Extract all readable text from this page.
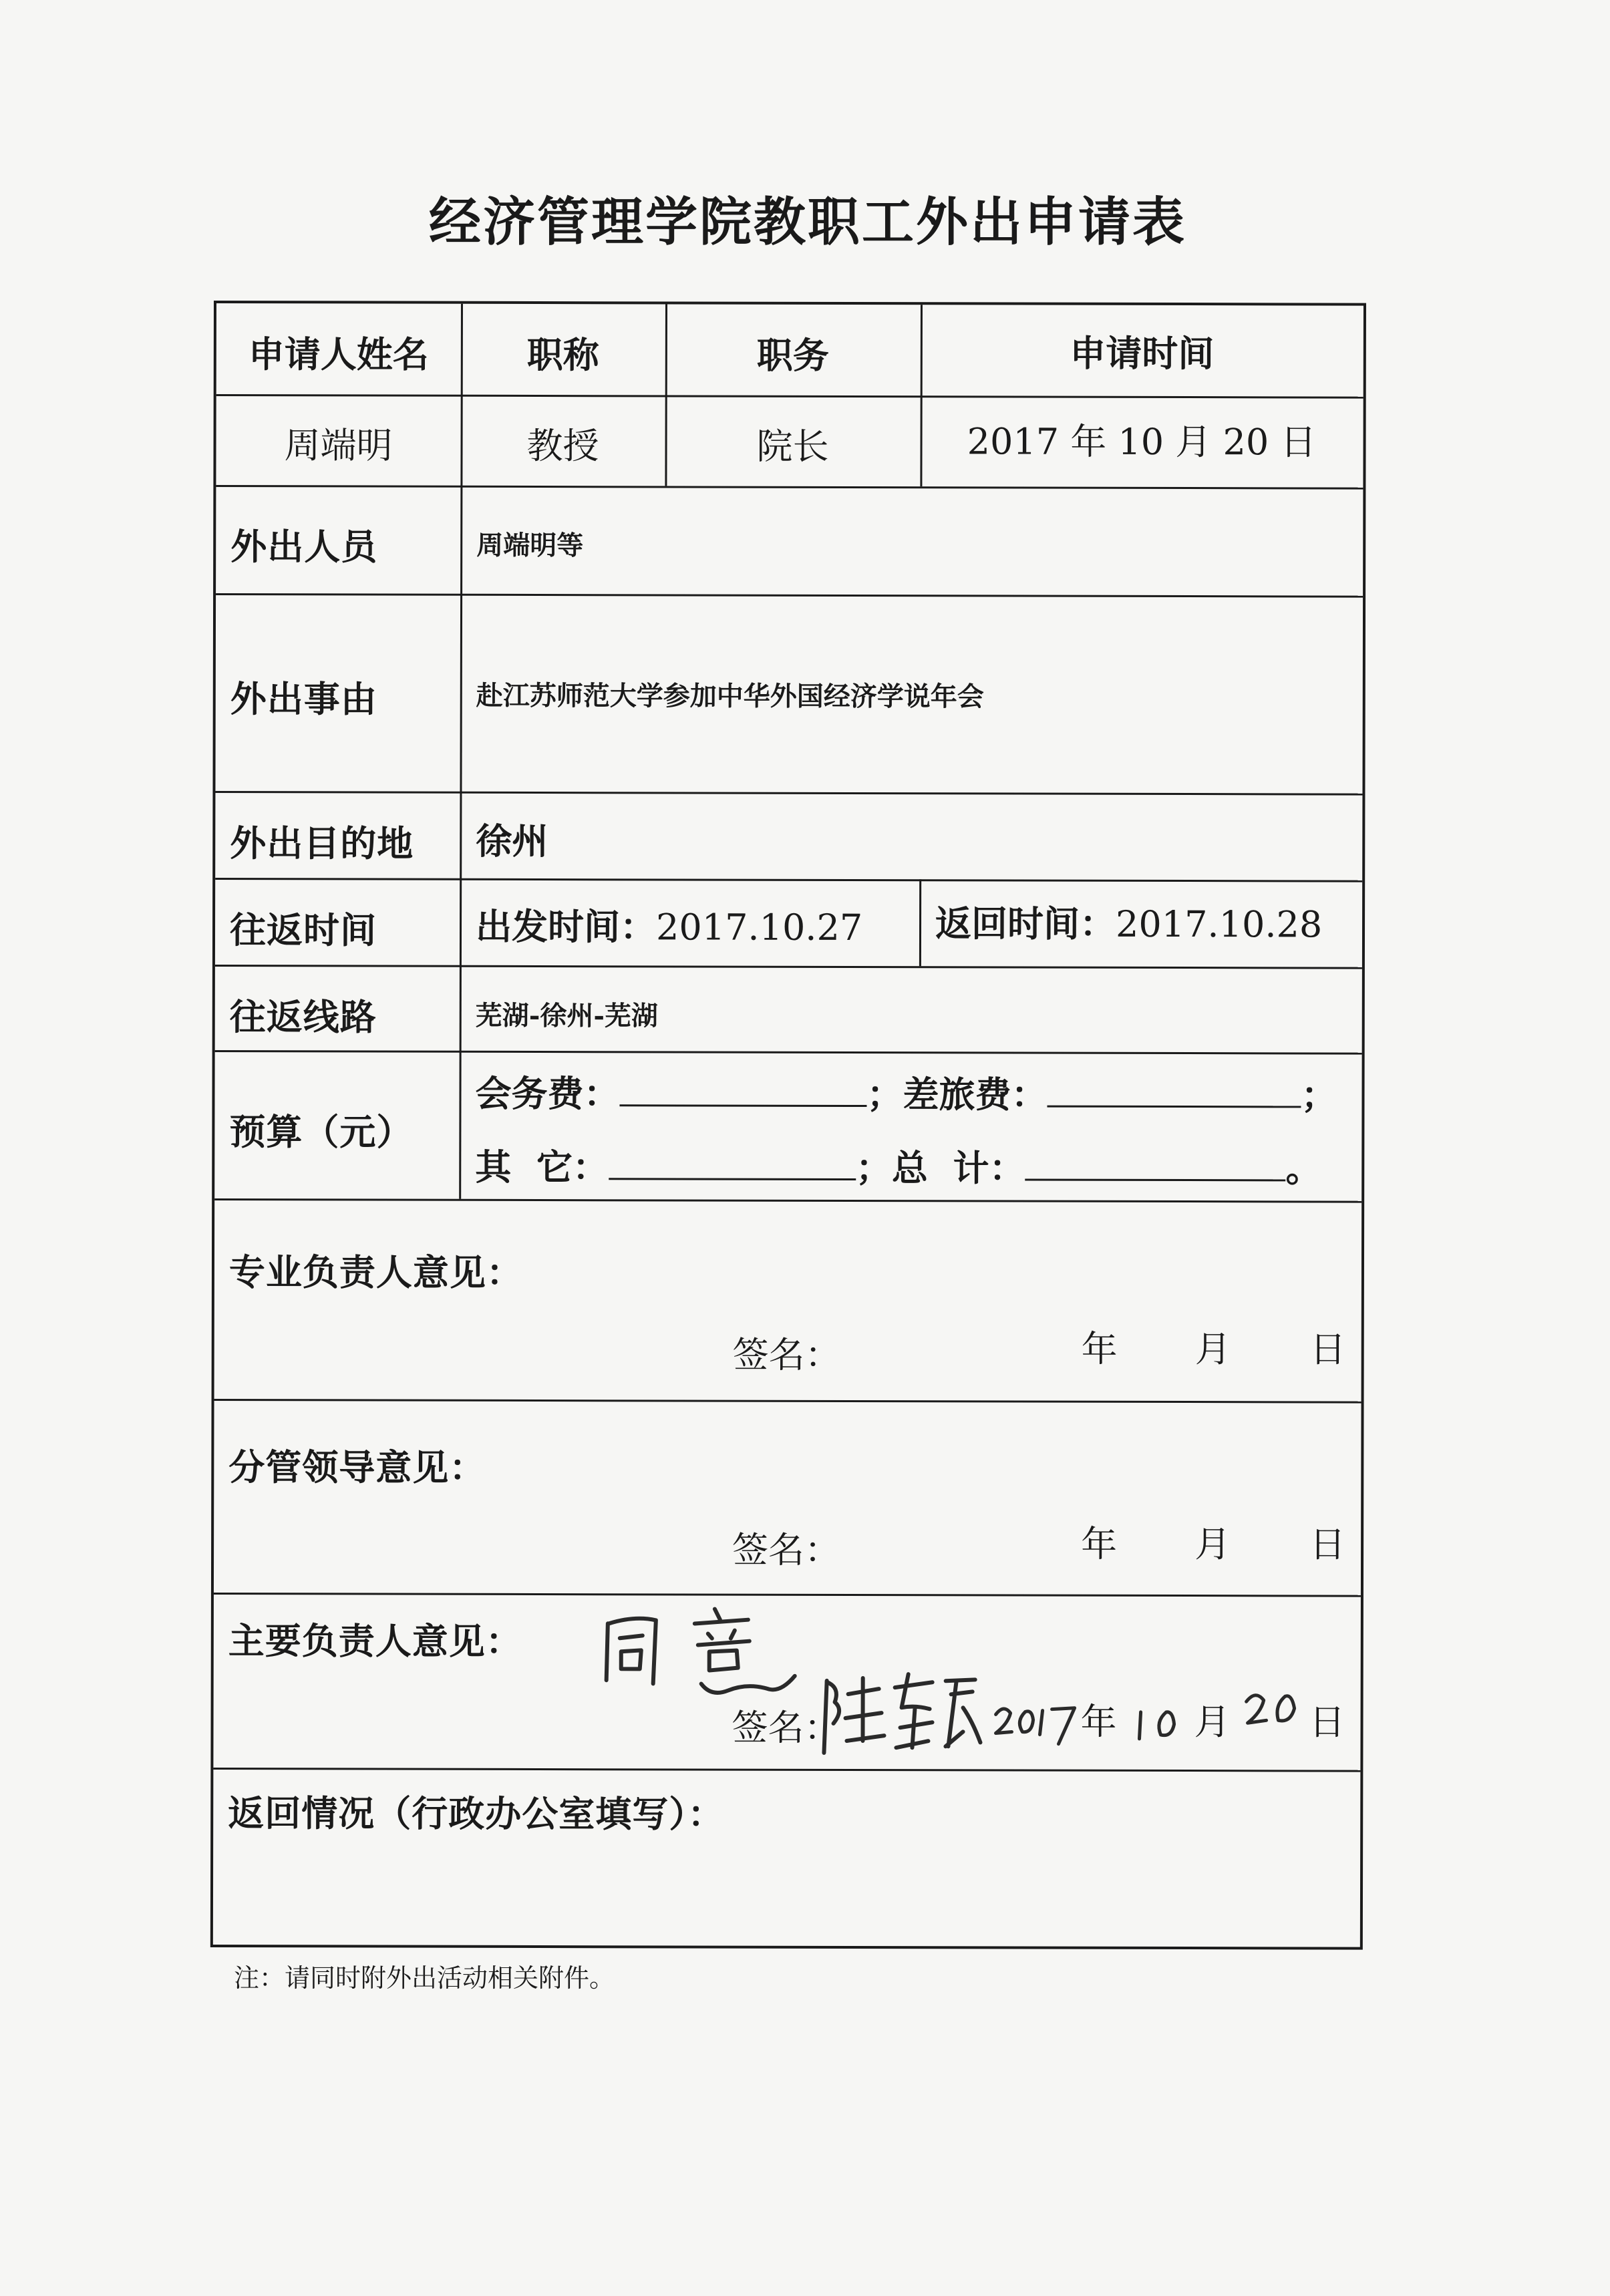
经济管理学院教职工外出申请表
申请人姓名	职称	职务	申请时间
周端明	教授	院长	2017 年 10 月 20 日
外出人员	周端明等
外出事由	赴江苏师范大学参加中华外国经济学说年会
外出目的地 徐州
往返时间	出发时间：2017.10.27 返回时间：2017.10.28
往返线路	芜湖-徐州-芜湖
预算（元）
会务费：	；差旅费：	；
其  它：	；总  计：	。
专业负责人意见：
签名：	年 月 日
分管领导意见：
签名：	年 月 日
主要负责人意见：
签名：	年 月 日
返回情况（行政办公室填写）：
注：请同时附外出活动相关附件。
